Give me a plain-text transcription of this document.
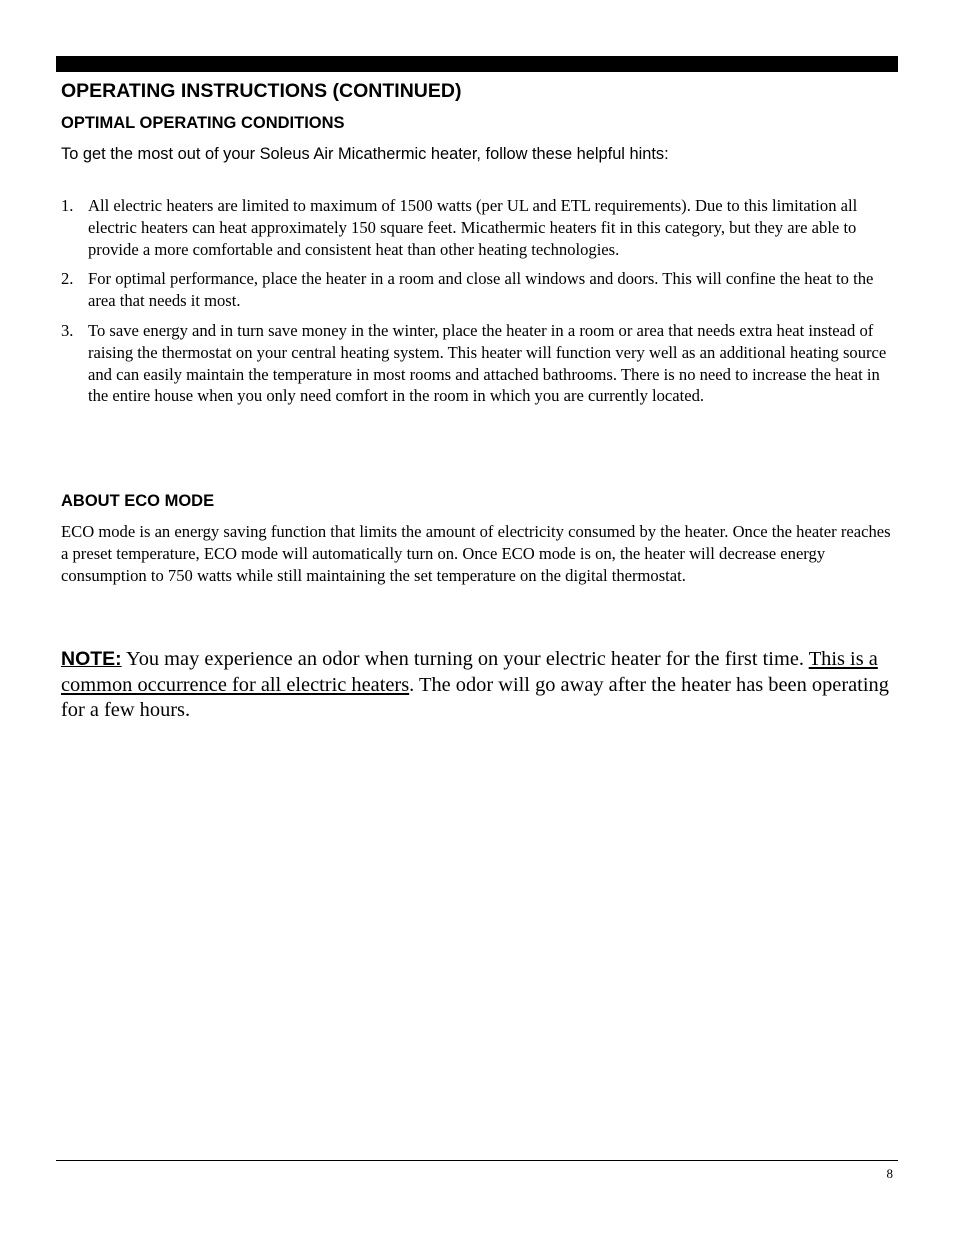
OPERATING INSTRUCTIONS (CONTINUED)
OPTIMAL OPERATING CONDITIONS

To get the most out of your Soleus Air Micathermic heater, follow these helpful hints:

1. All electric heaters are limited to maximum of 1500 watts (per UL and ETL requirements). Due to this limitation all electric heaters can heat approximately 150 square feet. Micathermic heaters fit in this category, but they are able to provide a more comfortable and consistent heat than other heating technologies.
2. For optimal performance, place the heater in a room and close all windows and doors. This will confine the heat to the area that needs it most.
3. To save energy and in turn save money in the winter, place the heater in a room or area that needs extra heat instead of raising the thermostat on your central heating system. This heater will function very well as an additional heating source and can easily maintain the temperature in most rooms and attached bathrooms. There is no need to increase the heat in the entire house when you only need comfort in the room in which you are currently located.
ABOUT ECO MODE

ECO mode is an energy saving function that limits the amount of electricity consumed by the heater. Once the heater reaches a preset temperature, ECO mode will automatically turn on. Once ECO mode is on, the heater will decrease energy consumption to 750 watts while still maintaining the set temperature on the digital thermostat.

NOTE: You may experience an odor when turning on your electric heater for the first time. This is a common occurrence for all electric heaters. The odor will go away after the heater has been operating for a few hours.

8
